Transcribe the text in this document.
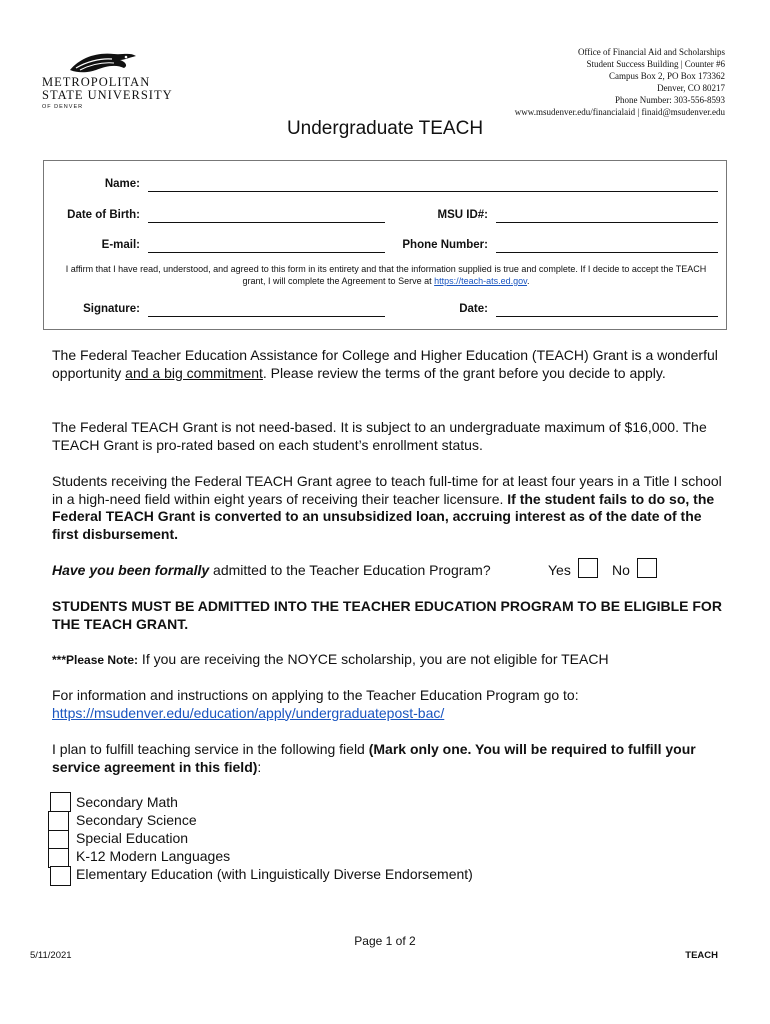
METROPOLITAN
STATE UNIVERSITY
OF DENVER
Office of Financial Aid and Scholarships
Student Success Building | Counter #6
Campus Box 2, PO Box 173362
Denver, CO 80217
Phone Number: 303-556-8593
www.msudenver.edu/financialaid | finaid@msudenver.edu
Undergraduate TEACH
Name:
Date of Birth:	MSU ID#:
E-mail:	Phone Number:
I affirm that I have read, understood, and agreed to this form in its entirety and that the information supplied is true and complete. If I decide to accept the TEACH grant, I will complete the Agreement to Serve at https://teach-ats.ed.gov.
Signature:	Date:
The Federal Teacher Education Assistance for College and Higher Education (TEACH) Grant is a wonderful opportunity and a big commitment. Please review the terms of the grant before you decide to apply.
The Federal TEACH Grant is not need-based. It is subject to an undergraduate maximum of $16,000. The TEACH Grant is pro-rated based on each student’s enrollment status.
Students receiving the Federal TEACH Grant agree to teach full-time for at least four years in a Title I school in a high-need field within eight years of receiving their teacher licensure. If the student fails to do so, the Federal TEACH Grant is converted to an unsubsidized loan, accruing interest as of the date of the first disbursement.
Have you been formally admitted to the Teacher Education Program?	Yes	No
STUDENTS MUST BE ADMITTED INTO THE TEACHER EDUCATION PROGRAM TO BE ELIGIBLE FOR THE TEACH GRANT.
***Please Note: If you are receiving the NOYCE scholarship, you are not eligible for TEACH
For information and instructions on applying to the Teacher Education Program go to:
https://msudenver.edu/education/apply/undergraduatepost-bac/
I plan to fulfill teaching service in the following field (Mark only one. You will be required to fulfill your service agreement in this field):
Secondary Math
Secondary Science
Special Education
K-12 Modern Languages
Elementary Education (with Linguistically Diverse Endorsement)
Page 1 of 2
5/11/2021	TEACH
